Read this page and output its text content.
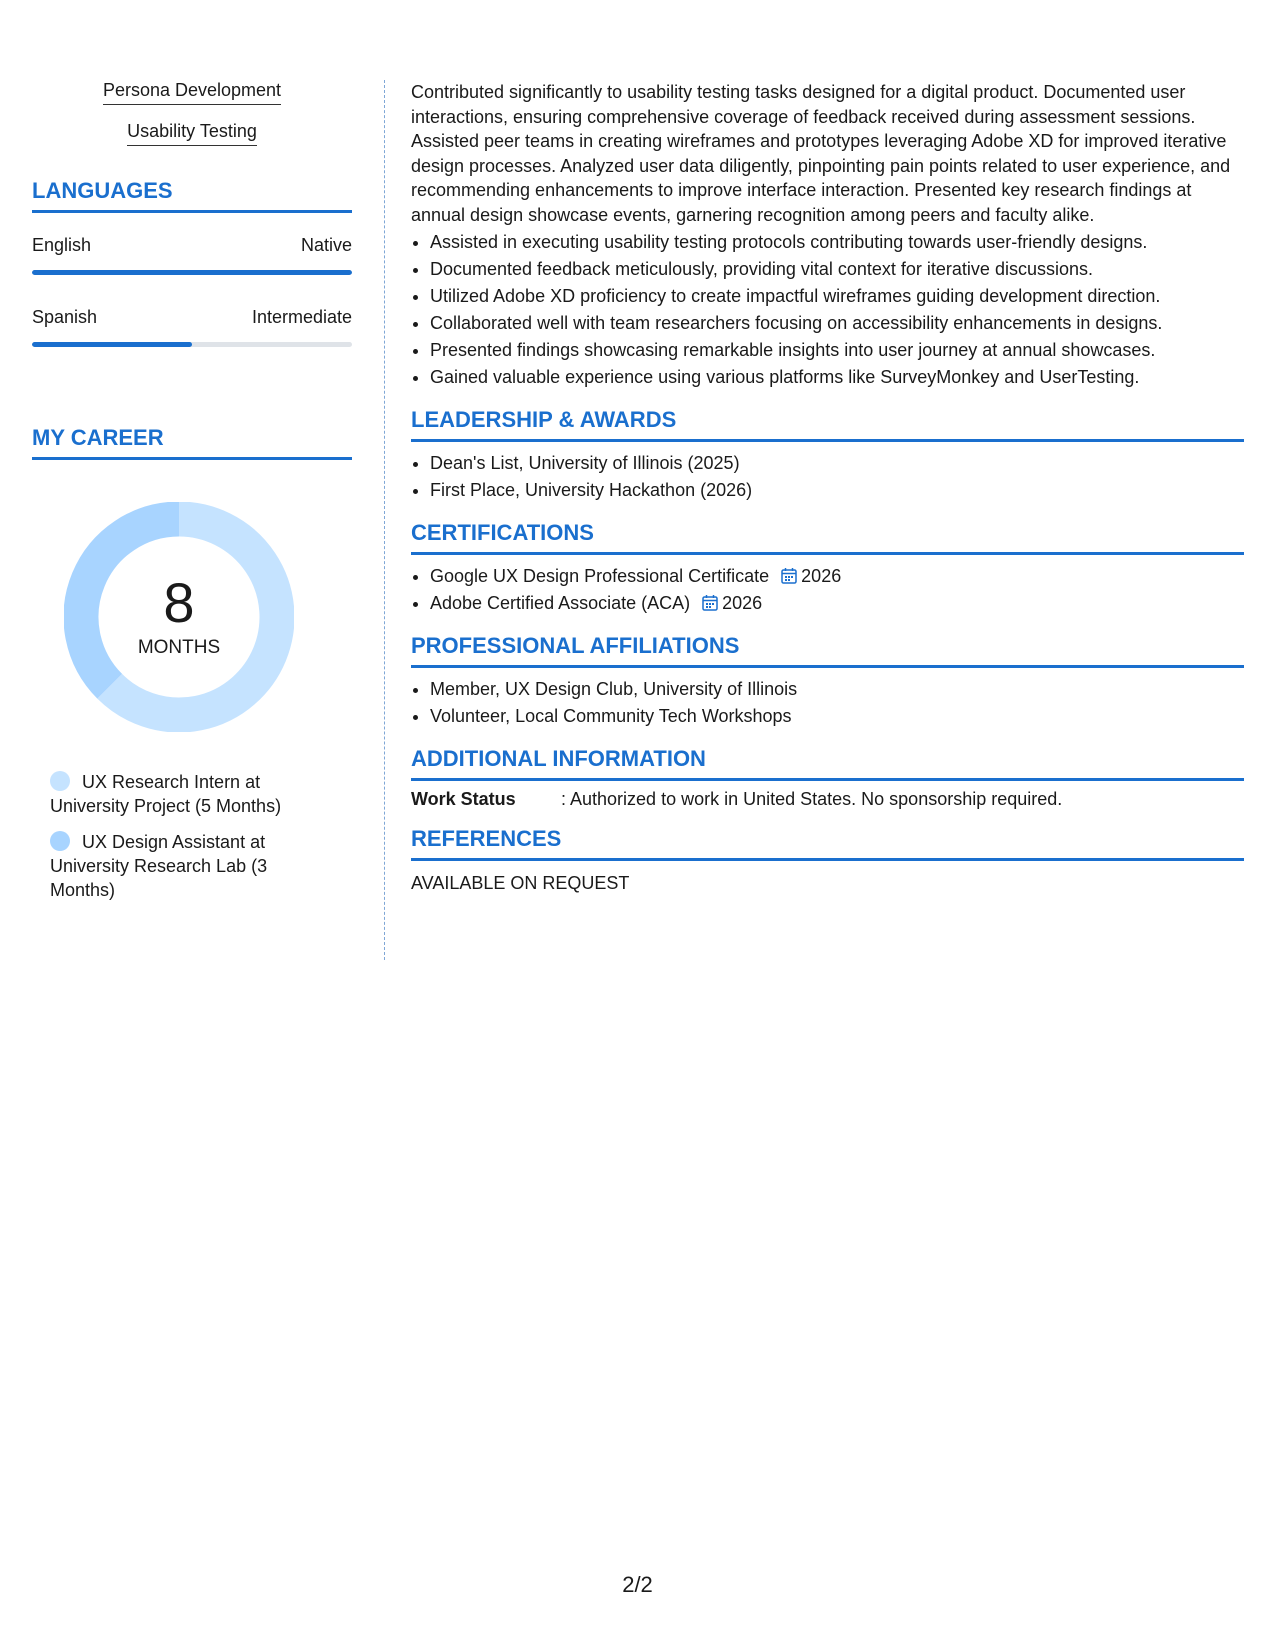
Persona Development
Usability Testing
LANGUAGES
English	Native
Spanish	Intermediate
MY CAREER
8
MONTHS
UX Research Intern at University Project (5 Months)
UX Design Assistant at University Research Lab (3 Months)

Contributed significantly to usability testing tasks designed for a digital product. Documented user interactions, ensuring comprehensive coverage of feedback received during assessment sessions. Assisted peer teams in creating wireframes and prototypes leveraging Adobe XD for improved iterative design processes. Analyzed user data diligently, pinpointing pain points related to user experience, and recommending enhancements to improve interface interaction. Presented key research findings at annual design showcase events, garnering recognition among peers and faculty alike.

• Assisted in executing usability testing protocols contributing towards user-friendly designs.
• Documented feedback meticulously, providing vital context for iterative discussions.
• Utilized Adobe XD proficiency to create impactful wireframes guiding development direction.
• Collaborated well with team researchers focusing on accessibility enhancements in designs.
• Presented findings showcasing remarkable insights into user journey at annual showcases.
• Gained valuable experience using various platforms like SurveyMonkey and UserTesting.
LEADERSHIP & AWARDS
• Dean's List, University of Illinois (2025)
• First Place, University Hackathon (2026)
CERTIFICATIONS
• Google UX Design Professional Certificate 2026
• Adobe Certified Associate (ACA) 2026
PROFESSIONAL AFFILIATIONS
• Member, UX Design Club, University of Illinois
• Volunteer, Local Community Tech Workshops
ADDITIONAL INFORMATION
Work Status	: Authorized to work in United States. No sponsorship required.
REFERENCES
AVAILABLE ON REQUEST
2/2
